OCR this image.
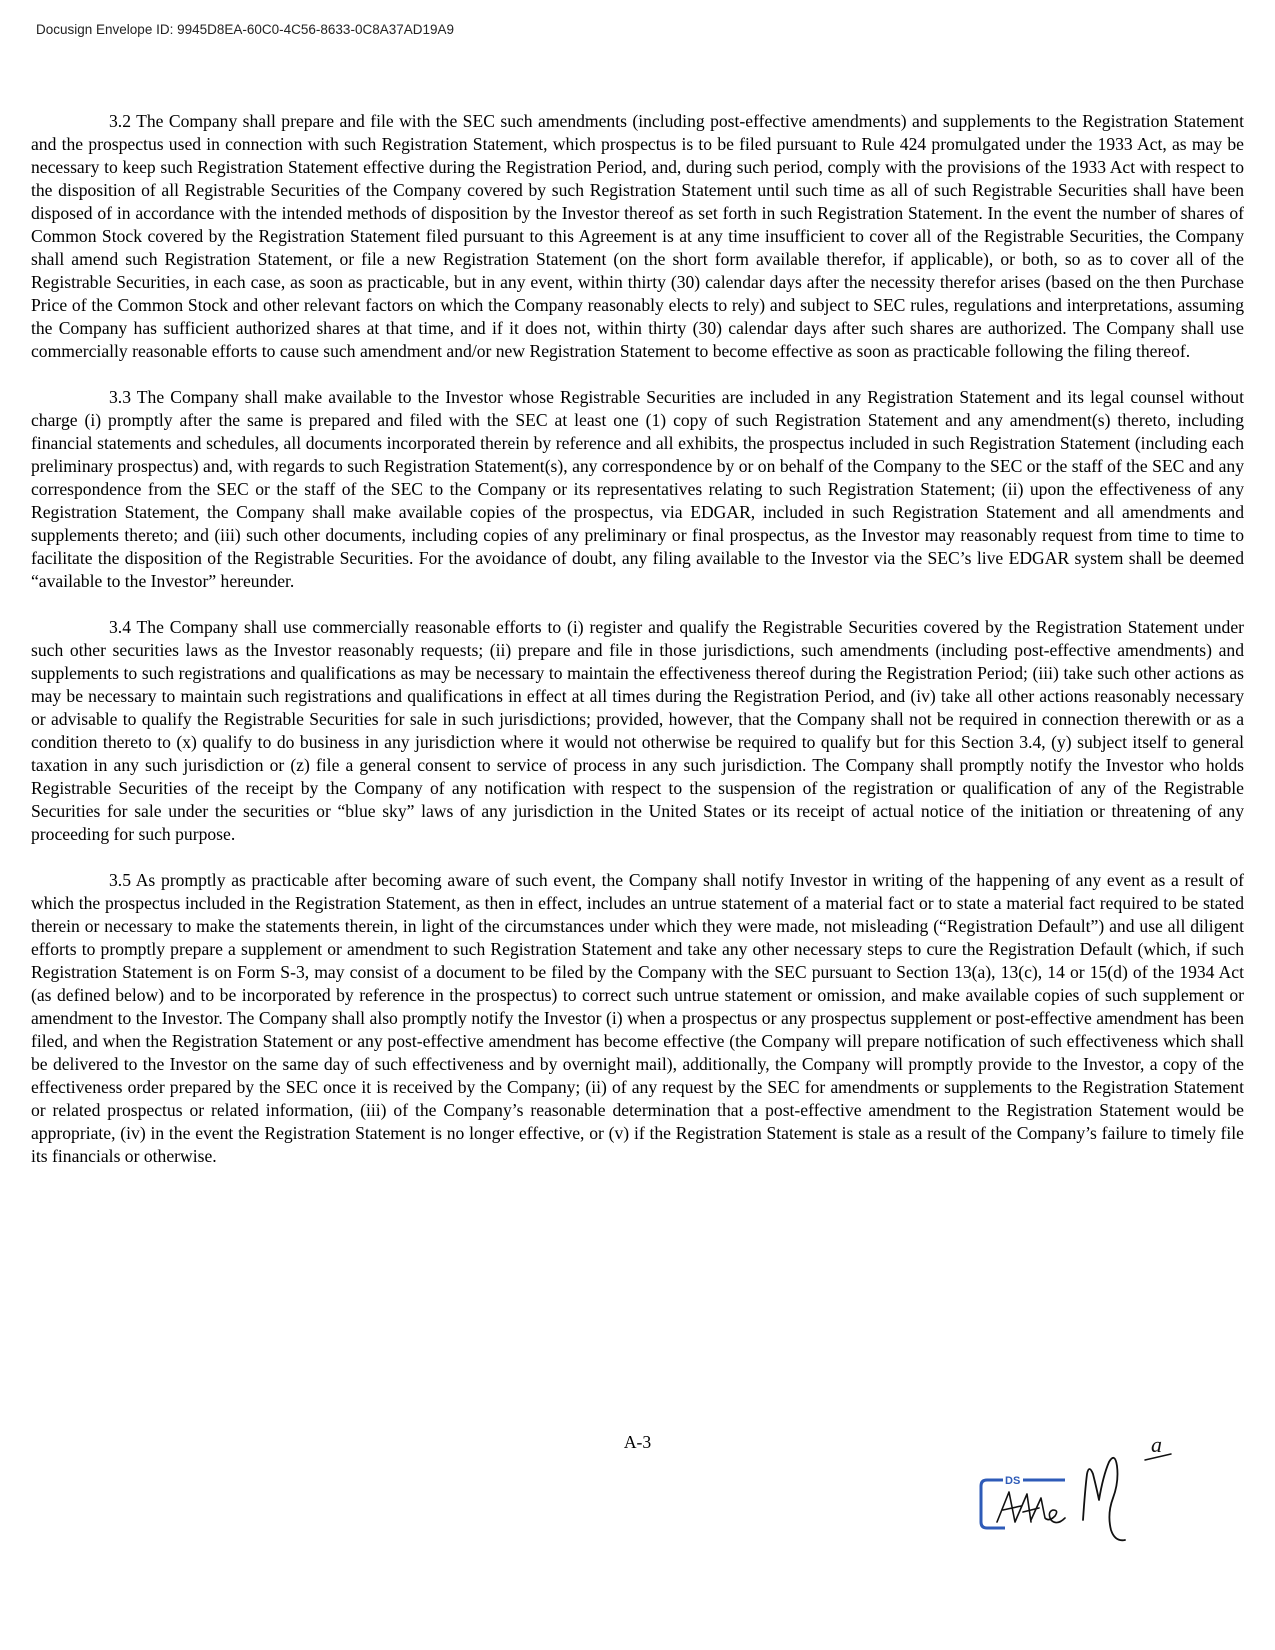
Docusign Envelope ID: 9945D8EA-60C0-4C56-8633-0C8A37AD19A9

3.2 The Company shall prepare and file with the SEC such amendments (including post-effective amendments) and supplements to the Registration Statement and the prospectus used in connection with such Registration Statement, which prospectus is to be filed pursuant to Rule 424 promulgated under the 1933 Act, as may be necessary to keep such Registration Statement effective during the Registration Period, and, during such period, comply with the provisions of the 1933 Act with respect to the disposition of all Registrable Securities of the Company covered by such Registration Statement until such time as all of such Registrable Securities shall have been disposed of in accordance with the intended methods of disposition by the Investor thereof as set forth in such Registration Statement. In the event the number of shares of Common Stock covered by the Registration Statement filed pursuant to this Agreement is at any time insufficient to cover all of the Registrable Securities, the Company shall amend such Registration Statement, or file a new Registration Statement (on the short form available therefor, if applicable), or both, so as to cover all of the Registrable Securities, in each case, as soon as practicable, but in any event, within thirty (30) calendar days after the necessity therefor arises (based on the then Purchase Price of the Common Stock and other relevant factors on which the Company reasonably elects to rely) and subject to SEC rules, regulations and interpretations, assuming the Company has sufficient authorized shares at that time, and if it does not, within thirty (30) calendar days after such shares are authorized. The Company shall use commercially reasonable efforts to cause such amendment and/or new Registration Statement to become effective as soon as practicable following the filing thereof.

3.3 The Company shall make available to the Investor whose Registrable Securities are included in any Registration Statement and its legal counsel without charge (i) promptly after the same is prepared and filed with the SEC at least one (1) copy of such Registration Statement and any amendment(s) thereto, including financial statements and schedules, all documents incorporated therein by reference and all exhibits, the prospectus included in such Registration Statement (including each preliminary prospectus) and, with regards to such Registration Statement(s), any correspondence by or on behalf of the Company to the SEC or the staff of the SEC and any correspondence from the SEC or the staff of the SEC to the Company or its representatives relating to such Registration Statement; (ii) upon the effectiveness of any Registration Statement, the Company shall make available copies of the prospectus, via EDGAR, included in such Registration Statement and all amendments and supplements thereto; and (iii) such other documents, including copies of any preliminary or final prospectus, as the Investor may reasonably request from time to time to facilitate the disposition of the Registrable Securities. For the avoidance of doubt, any filing available to the Investor via the SEC’s live EDGAR system shall be deemed “available to the Investor” hereunder.

3.4 The Company shall use commercially reasonable efforts to (i) register and qualify the Registrable Securities covered by the Registration Statement under such other securities laws as the Investor reasonably requests; (ii) prepare and file in those jurisdictions, such amendments (including post-effective amendments) and supplements to such registrations and qualifications as may be necessary to maintain the effectiveness thereof during the Registration Period; (iii) take such other actions as may be necessary to maintain such registrations and qualifications in effect at all times during the Registration Period, and (iv) take all other actions reasonably necessary or advisable to qualify the Registrable Securities for sale in such jurisdictions; provided, however, that the Company shall not be required in connection therewith or as a condition thereto to (x) qualify to do business in any jurisdiction where it would not otherwise be required to qualify but for this Section 3.4, (y) subject itself to general taxation in any such jurisdiction or (z) file a general consent to service of process in any such jurisdiction. The Company shall promptly notify the Investor who holds Registrable Securities of the receipt by the Company of any notification with respect to the suspension of the registration or qualification of any of the Registrable Securities for sale under the securities or “blue sky” laws of any jurisdiction in the United States or its receipt of actual notice of the initiation or threatening of any proceeding for such purpose.

3.5 As promptly as practicable after becoming aware of such event, the Company shall notify Investor in writing of the happening of any event as a result of which the prospectus included in the Registration Statement, as then in effect, includes an untrue statement of a material fact or to state a material fact required to be stated therein or necessary to make the statements therein, in light of the circumstances under which they were made, not misleading (“Registration Default”) and use all diligent efforts to promptly prepare a supplement or amendment to such Registration Statement and take any other necessary steps to cure the Registration Default (which, if such Registration Statement is on Form S-3, may consist of a document to be filed by the Company with the SEC pursuant to Section 13(a), 13(c), 14 or 15(d) of the 1934 Act (as defined below) and to be incorporated by reference in the prospectus) to correct such untrue statement or omission, and make available copies of such supplement or amendment to the Investor. The Company shall also promptly notify the Investor (i) when a prospectus or any prospectus supplement or post-effective amendment has been filed, and when the Registration Statement or any post-effective amendment has become effective (the Company will prepare notification of such effectiveness which shall be delivered to the Investor on the same day of such effectiveness and by overnight mail), additionally, the Company will promptly provide to the Investor, a copy of the effectiveness order prepared by the SEC once it is received by the Company; (ii) of any request by the SEC for amendments or supplements to the Registration Statement or related prospectus or related information, (iii) of the Company’s reasonable determination that a post-effective amendment to the Registration Statement would be appropriate, (iv) in the event the Registration Statement is no longer effective, or (v) if the Registration Statement is stale as a result of the Company’s failure to timely file its financials or otherwise.

A-3
DS
a
